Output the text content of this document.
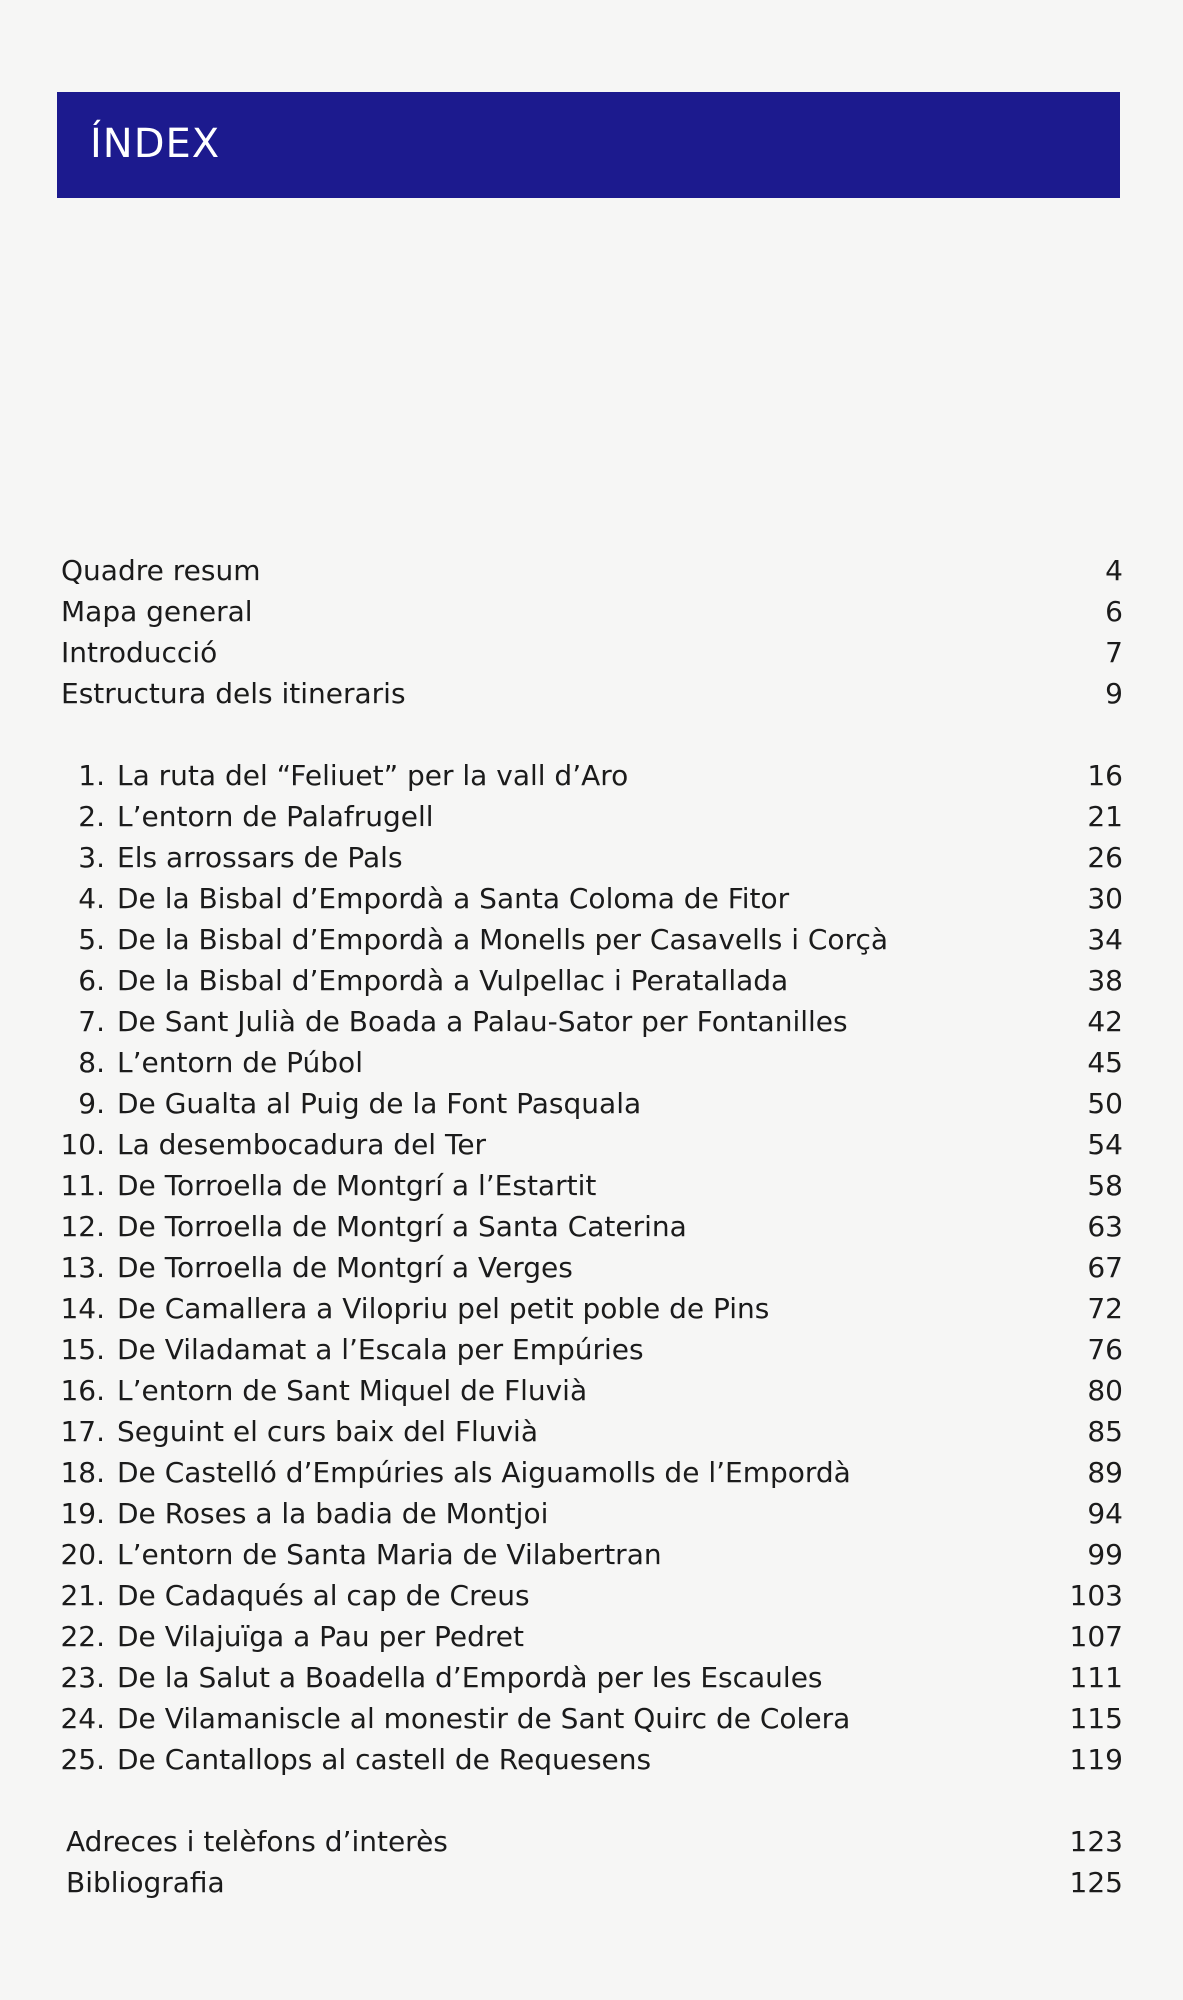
ÍNDEX
Quadre resum	4
Mapa general	6
Introducció	7
Estructura dels itineraris	9
1. La ruta del “Feliuet” per la vall d’Aro	16
2. L’entorn de Palafrugell	21
3. Els arrossars de Pals	26
4. De la Bisbal d’Empordà a Santa Coloma de Fitor	30
5. De la Bisbal d’Empordà a Monells per Casavells i Corçà	34
6. De la Bisbal d’Empordà a Vulpellac i Peratallada	38
7. De Sant Julià de Boada a Palau-Sator per Fontanilles	42
8. L’entorn de Púbol	45
9. De Gualta al Puig de la Font Pasquala	50
10. La desembocadura del Ter	54
11. De Torroella de Montgrí a l’Estartit	58
12. De Torroella de Montgrí a Santa Caterina	63
13. De Torroella de Montgrí a Verges	67
14. De Camallera a Vilopriu pel petit poble de Pins	72
15. De Viladamat a l’Escala per Empúries	76
16. L’entorn de Sant Miquel de Fluvià	80
17. Seguint el curs baix del Fluvià	85
18. De Castelló d’Empúries als Aiguamolls de l’Empordà	89
19. De Roses a la badia de Montjoi	94
20. L’entorn de Santa Maria de Vilabertran	99
21. De Cadaqués al cap de Creus	103
22. De Vilajuïga a Pau per Pedret	107
23. De la Salut a Boadella d’Empordà per les Escaules	111
24. De Vilamaniscle al monestir de Sant Quirc de Colera	115
25. De Cantallops al castell de Requesens	119
Adreces i telèfons d’interès	123
Bibliografia	125
